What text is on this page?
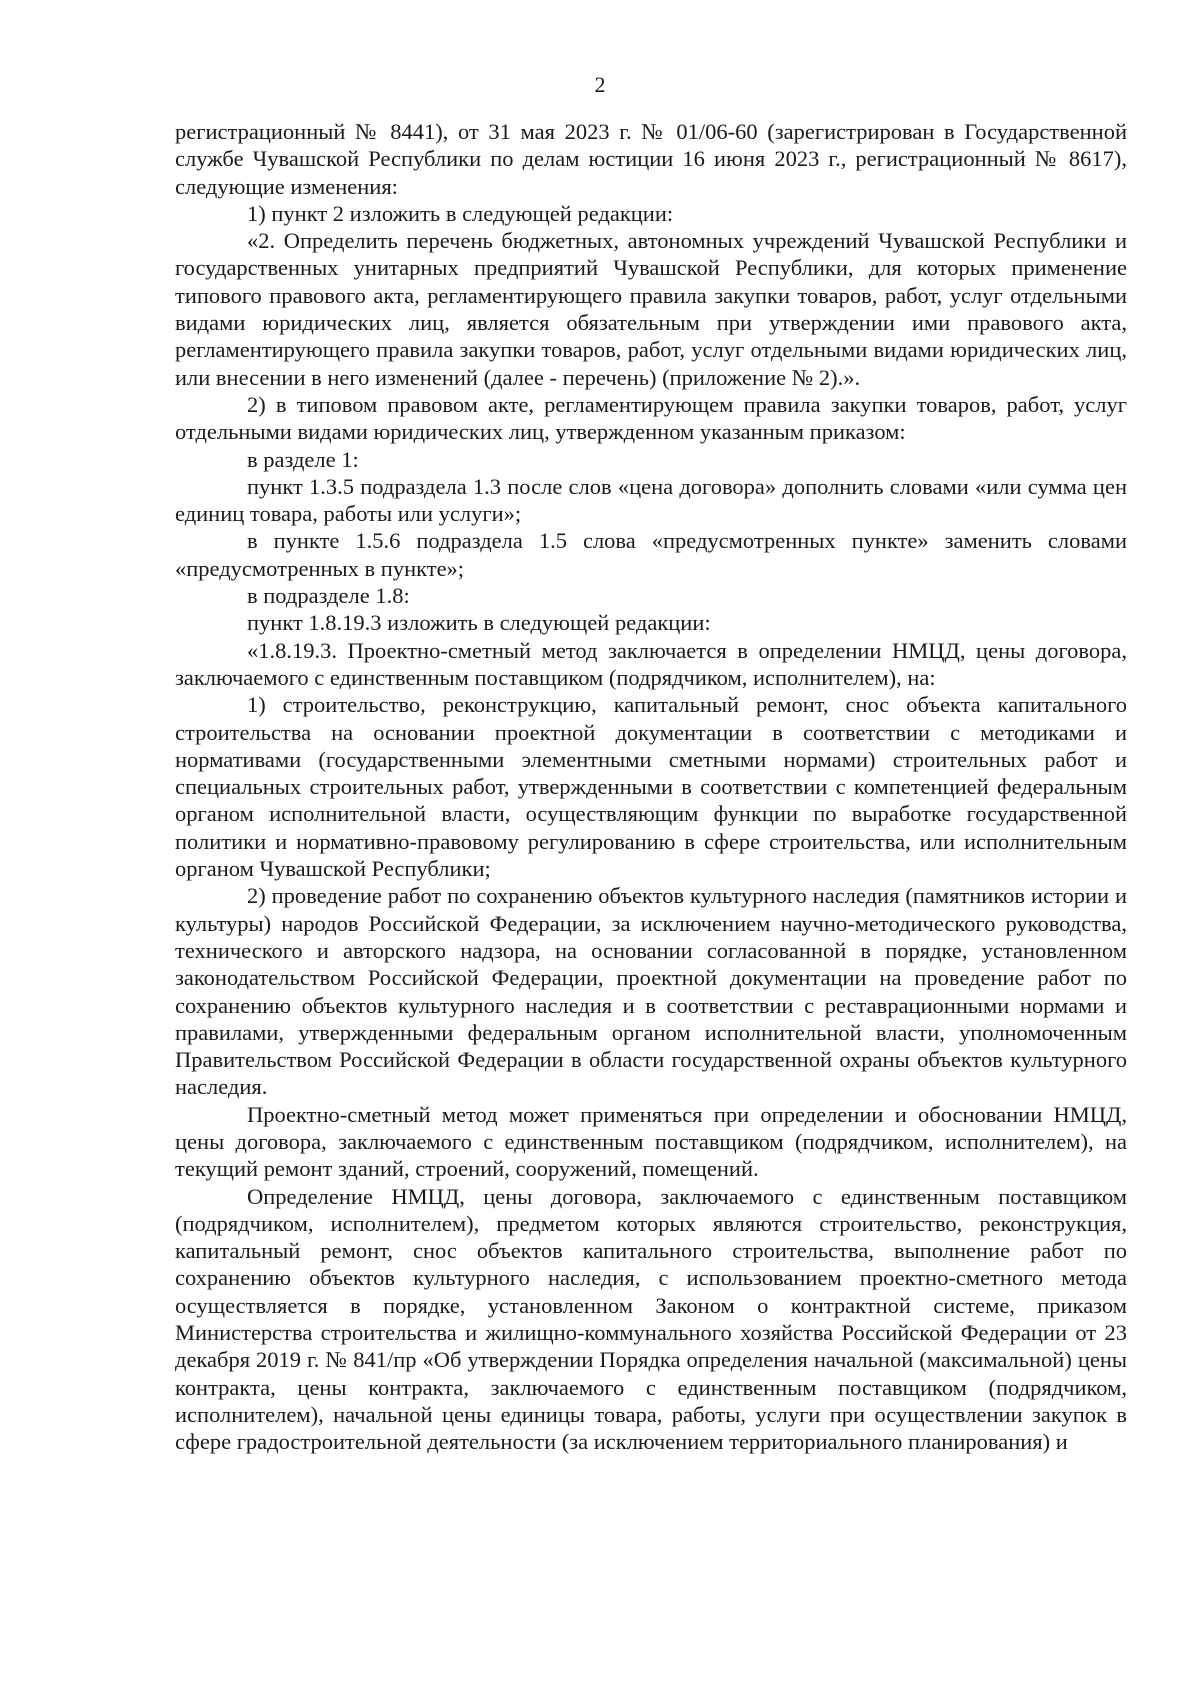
2

регистрационный № 8441), от 31 мая 2023 г. № 01/06-60 (зарегистрирован в Государственной службе Чувашской Республики по делам юстиции 16 июня 2023 г., регистрационный № 8617), следующие изменения:

1) пункт 2 изложить в следующей редакции:

«2. Определить перечень бюджетных, автономных учреждений Чувашской Республики и государственных унитарных предприятий Чувашской Республики, для которых применение типового правового акта, регламентирующего правила закупки товаров, работ, услуг отдельными видами юридических лиц, является обязательным при утверждении ими правового акта, регламентирующего правила закупки товаров, работ, услуг отдельными видами юридических лиц, или внесении в него изменений (далее - перечень) (приложение № 2).».

2) в типовом правовом акте, регламентирующем правила закупки товаров, работ, услуг отдельными видами юридических лиц, утвержденном указанным приказом:

в разделе 1:

пункт 1.3.5 подраздела 1.3 после слов «цена договора» дополнить словами «или сумма цен единиц товара, работы или услуги»;

в пункте 1.5.6 подраздела 1.5 слова «предусмотренных пункте» заменить словами «предусмотренных в пункте»;

в подразделе 1.8:

пункт 1.8.19.3 изложить в следующей редакции:

«1.8.19.3. Проектно-сметный метод заключается в определении НМЦД, цены договора, заключаемого с единственным поставщиком (подрядчиком, исполнителем), на:

1) строительство, реконструкцию, капитальный ремонт, снос объекта капитального строительства на основании проектной документации в соответствии с методиками и нормативами (государственными элементными сметными нормами) строительных работ и специальных строительных работ, утвержденными в соответствии с компетенцией федеральным органом исполнительной власти, осуществляющим функции по выработке государственной политики и нормативно-правовому регулированию в сфере строительства, или исполнительным органом Чувашской Республики;

2) проведение работ по сохранению объектов культурного наследия (памятников истории и культуры) народов Российской Федерации, за исключением научно-методического руководства, технического и авторского надзора, на основании согласованной в порядке, установленном законодательством Российской Федерации, проектной документации на проведение работ по сохранению объектов культурного наследия и в соответствии с реставрационными нормами и правилами, утвержденными федеральным органом исполнительной власти, уполномоченным Правительством Российской Федерации в области государственной охраны объектов культурного наследия.

Проектно-сметный метод может применяться при определении и обосновании НМЦД, цены договора, заключаемого с единственным поставщиком (подрядчиком, исполнителем), на текущий ремонт зданий, строений, сооружений, помещений.

Определение НМЦД, цены договора, заключаемого с единственным поставщиком (подрядчиком, исполнителем), предметом которых являются строительство, реконструкция, капитальный ремонт, снос объектов капитального строительства, выполнение работ по сохранению объектов культурного наследия, с использованием проектно-сметного метода осуществляется в порядке, установленном Законом о контрактной системе, приказом Министерства строительства и жилищно-коммунального хозяйства Российской Федерации от 23 декабря 2019 г. № 841/пр «Об утверждении Порядка определения начальной (максимальной) цены контракта, цены контракта, заключаемого с единственным поставщиком (подрядчиком, исполнителем), начальной цены единицы товара, работы, услуги при осуществлении закупок в сфере градостроительной деятельности (за исключением территориального планирования) и
